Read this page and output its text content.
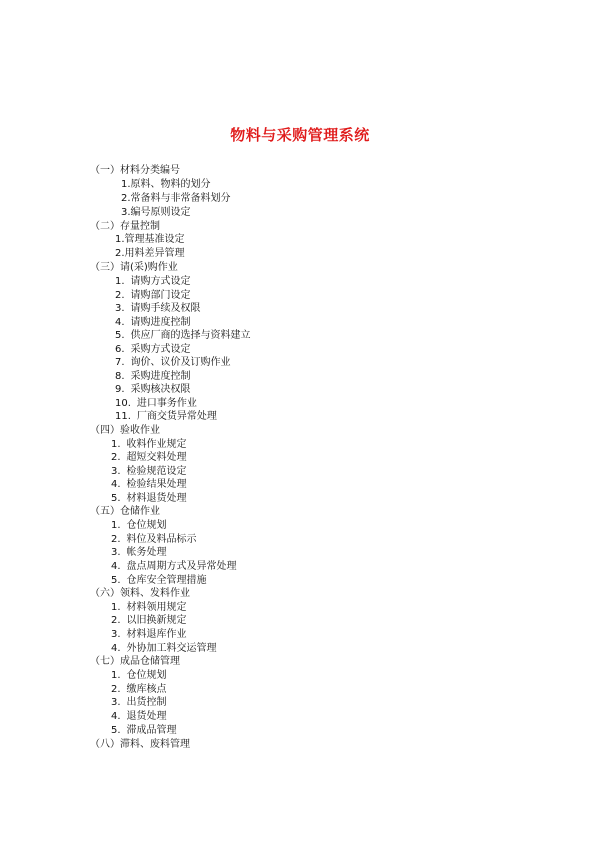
物料与采购管理系统
（一）材料分类编号
1.原料、物料的划分
2.常备料与非常备料划分
3.编号原则设定
（二）存量控制
1.管理基准设定
2.用料差异管理
（三）请(采)购作业
1. 请购方式设定
2. 请购部门设定
3. 请购手续及权限
4. 请购进度控制
5. 供应厂商的选择与资料建立
6. 采购方式设定
7. 询价、议价及订购作业
8. 采购进度控制
9. 采购核决权限
10. 进口事务作业
11. 厂商交货异常处理
（四）验收作业
1. 收料作业规定
2. 超短交料处理
3. 检验规范设定
4. 检验结果处理
5. 材料退货处理
（五）仓储作业
1. 仓位规划
2. 料位及料品标示
3. 帐务处理
4. 盘点周期方式及异常处理
5. 仓库安全管理措施
（六）领料、发料作业
1. 材料领用规定
2. 以旧换新规定
3. 材料退库作业
4. 外协加工料交运管理
（七）成品仓储管理
1. 仓位规划
2. 缴库核点
3. 出货控制
4. 退货处理
5. 滞成品管理
（八）滞料、废料管理
